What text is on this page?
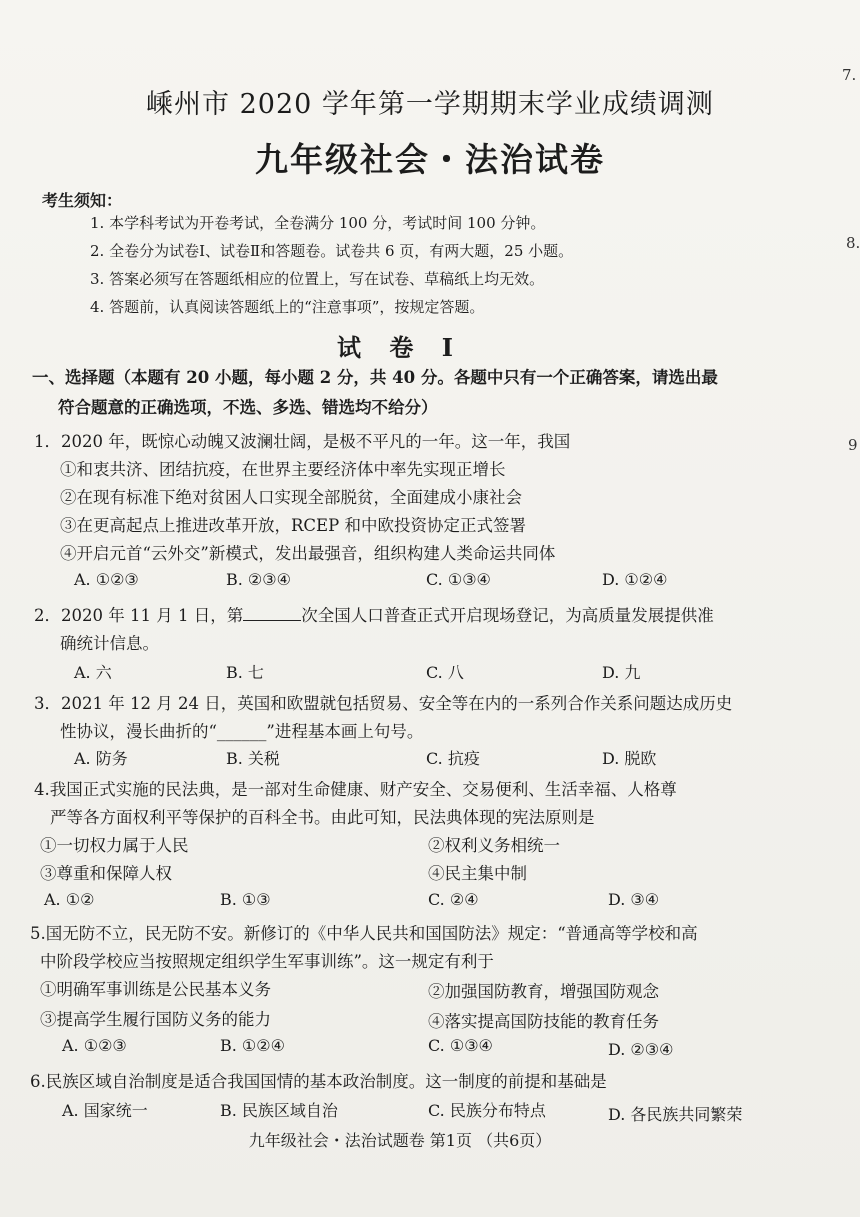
7.
8.
9
嵊州市 2020 学年第一学期期末学业成绩调测
九年级社会・法治试卷
考生须知：
1. 本学科考试为开卷考试，全卷满分 100 分，考试时间 100 分钟。
2. 全卷分为试卷Ⅰ、试卷Ⅱ和答题卷。试卷共 6 页，有两大题，25 小题。
3. 答案必须写在答题纸相应的位置上，写在试卷、草稿纸上均无效。
4. 答题前，认真阅读答题纸上的“注意事项”，按规定答题。
试 卷 I
一、选择题（本题有 20 小题，每小题 2 分，共 40 分。各题中只有一个正确答案，请选出最
符合题意的正确选项，不选、多选、错选均不给分）
1．2020 年，既惊心动魄又波澜壮阔，是极不平凡的一年。这一年，我国
①和衷共济、团结抗疫，在世界主要经济体中率先实现正增长
②在现有标准下绝对贫困人口实现全部脱贫，全面建成小康社会
③在更高起点上推进改革开放，RCEP 和中欧投资协定正式签署
④开启元首“云外交”新模式，发出最强音，组织构建人类命运共同体
A. ①②③	B. ②③④	C. ①③④	D. ①②④
2．2020 年 11 月 1 日，第	次全国人口普查正式开启现场登记，为高质量发展提供准
确统计信息。
A. 六	B. 七	C. 八	D. 九
3．2021 年 12 月 24 日，英国和欧盟就包括贸易、安全等在内的一系列合作关系问题达成历史
性协议，漫长曲折的“______”进程基本画上句号。
A. 防务	B. 关税	C. 抗疫	D. 脱欧
4.我国正式实施的民法典，是一部对生命健康、财产安全、交易便利、生活幸福、人格尊
严等各方面权利平等保护的百科全书。由此可知，民法典体现的宪法原则是
①一切权力属于人民	②权利义务相统一
③尊重和保障人权	④民主集中制
A. ①②	B. ①③	C. ②④	D. ③④
5.国无防不立，民无防不安。新修订的《中华人民共和国国防法》规定：“普通高等学校和高
中阶段学校应当按照规定组织学生军事训练”。这一规定有利于
①明确军事训练是公民基本义务	②加强国防教育，增强国防观念
③提高学生履行国防义务的能力	④落实提高国防技能的教育任务
A. ①②③	B. ①②④	C. ①③④	D. ②③④
6.民族区域自治制度是适合我国国情的基本政治制度。这一制度的前提和基础是
A. 国家统一	B. 民族区域自治	C. 民族分布特点	D. 各民族共同繁荣
九年级社会・法治试题卷 第1页 （共6页）
